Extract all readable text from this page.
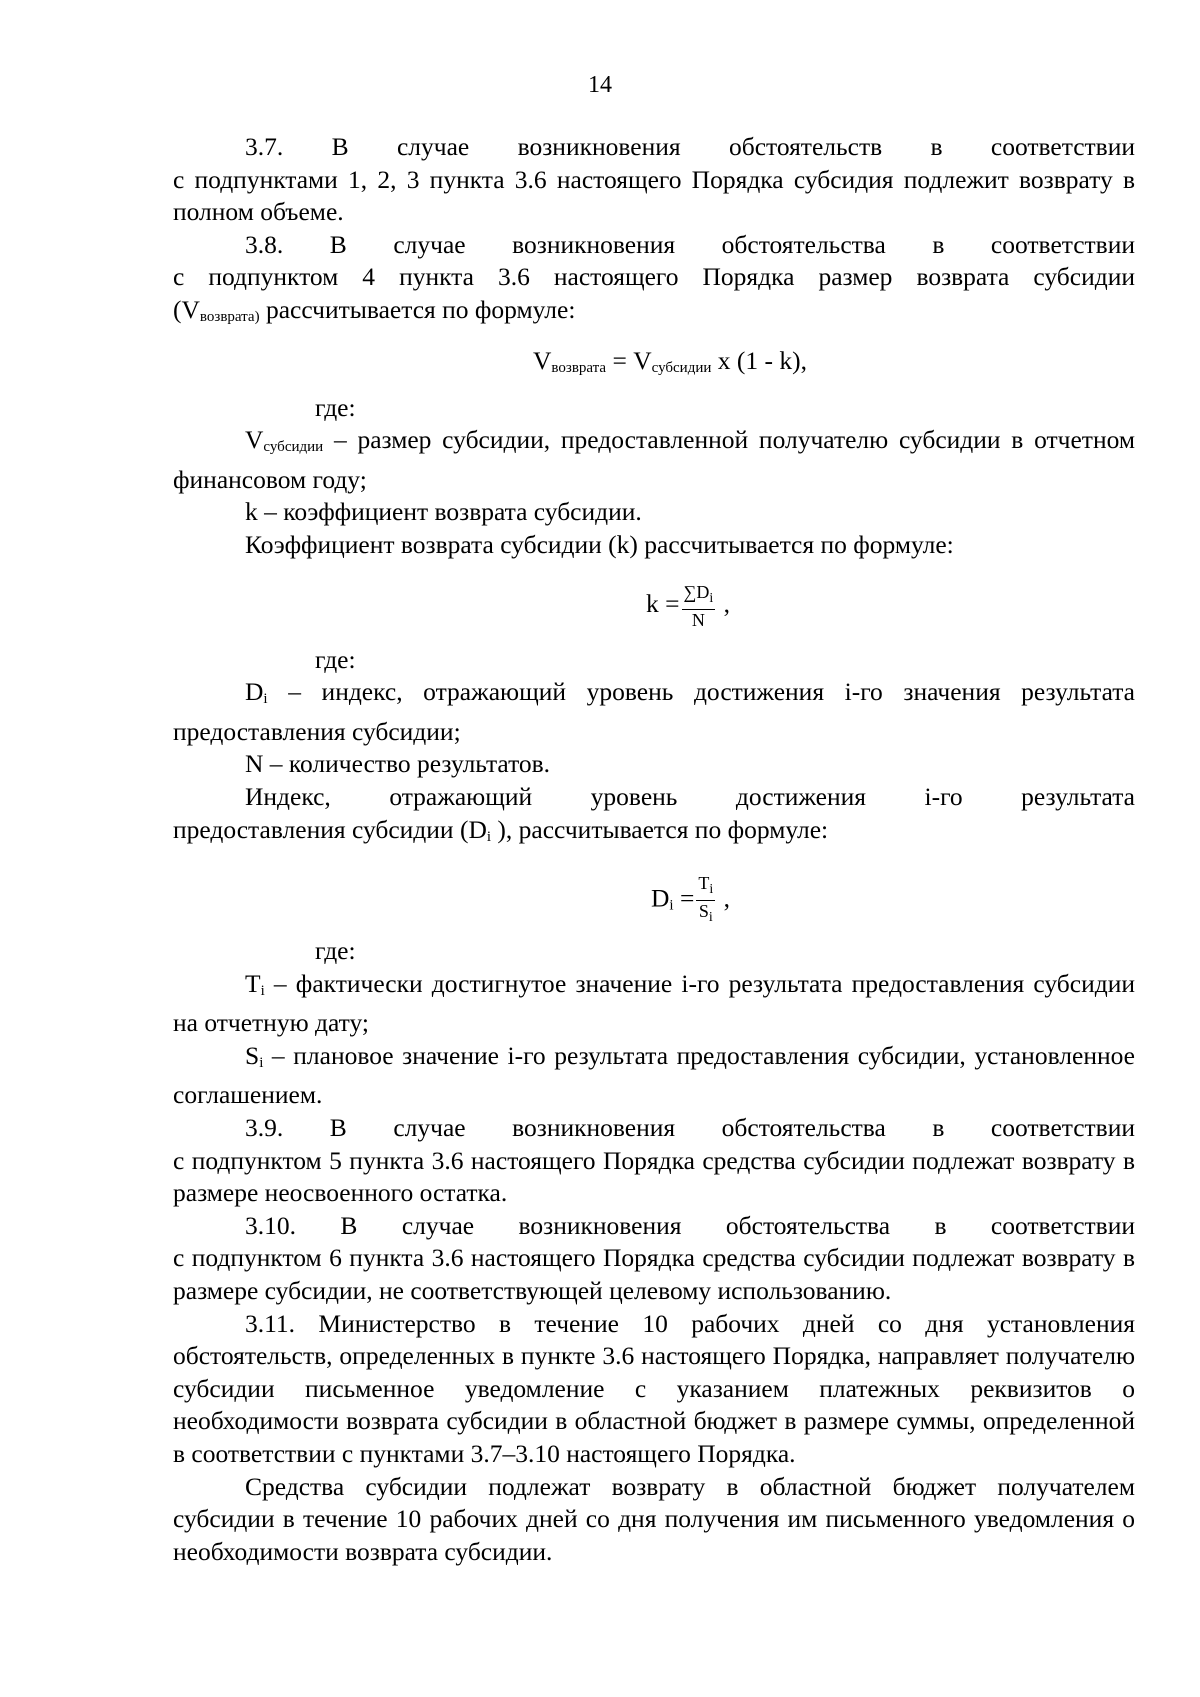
14
3.7. В случае возникновения обстоятельств в соответствии

с подпунктами 1, 2, 3 пункта 3.6 настоящего Порядка субсидия подлежит возврату в полном объеме.

3.8. В случае возникновения обстоятельства в соответствии
с подпунктом 4 пункта 3.6 настоящего Порядка размер возврата субсидии

($V_{возврата)}$ рассчитывается по формуле:

$V_{возврата} = V_{субсидии}$ х (1 - k),

где:

$V_{субсидии}$ – размер субсидии, предоставленной получателю субсидии в отчетном финансовом году;

k – коэффициент возврата субсидии.

Коэффициент возврата субсидии (k) рассчитывается по формуле:

$k = \frac{\sum D_i}{N}$ ,

где:

$D_i$ – индекс, отражающий уровень достижения i-го значения результата предоставления субсидии;

N – количество результатов.

Индекс, отражающий уровень достижения i-го результата

предоставления субсидии ($D_i$ ), рассчитывается по формуле:

$D_i = \frac{T_i}{S_i}$ ,

где:

$T_i$ – фактически достигнутое значение i-го результата предоставления субсидии на отчетную дату;

$S_i$ – плановое значение i-го результата предоставления субсидии, установленное соглашением.

3.9. В случае возникновения обстоятельства в соответствии

с подпунктом 5 пункта 3.6 настоящего Порядка средства субсидии подлежат возврату в размере неосвоенного остатка.

3.10. В случае возникновения обстоятельства в соответствии

с подпунктом 6 пункта 3.6 настоящего Порядка средства субсидии подлежат возврату в размере субсидии, не соответствующей целевому использованию.

3.11. Министерство в течение 10 рабочих дней со дня установления обстоятельств, определенных в пункте 3.6 настоящего Порядка, направляет получателю субсидии письменное уведомление с указанием платежных реквизитов о необходимости возврата субсидии в областной бюджет в размере суммы, определенной в соответствии с пунктами 3.7–3.10 настоящего Порядка.

Средства субсидии подлежат возврату в областной бюджет получателем субсидии в течение 10 рабочих дней со дня получения им письменного уведомления о необходимости возврата субсидии.
